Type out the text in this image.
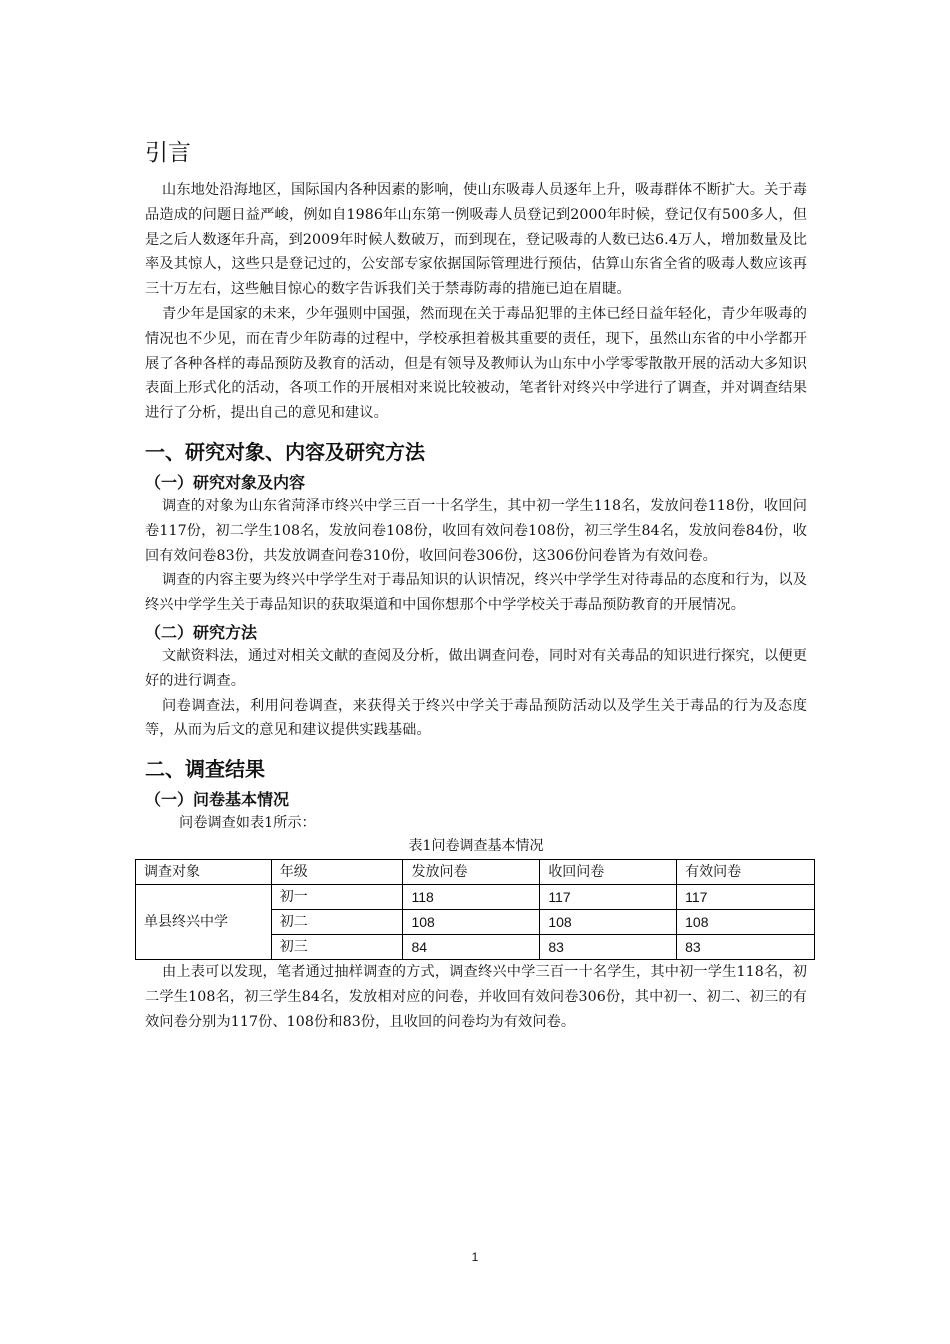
引言

山东地处沿海地区，国际国内各种因素的影响，使山东吸毒人员逐年上升，吸毒群体不断扩大。关于毒品造成的问题日益严峻，例如自1986年山东第一例吸毒人员登记到2000年时候，登记仅有500多人，但是之后人数逐年升高，到2009年时候人数破万，而到现在，登记吸毒的人数已达6.4万人，增加数量及比率及其惊人，这些只是登记过的，公安部专家依据国际管理进行预估，估算山东省全省的吸毒人数应该再三十万左右，这些触目惊心的数字告诉我们关于禁毒防毒的措施已迫在眉睫。

青少年是国家的未来，少年强则中国强，然而现在关于毒品犯罪的主体已经日益年轻化，青少年吸毒的情况也不少见，而在青少年防毒的过程中，学校承担着极其重要的责任，现下，虽然山东省的中小学都开展了各种各样的毒品预防及教育的活动，但是有领导及教师认为山东中小学零零散散开展的活动大多知识表面上形式化的活动，各项工作的开展相对来说比较被动，笔者针对终兴中学进行了调查，并对调查结果进行了分析，提出自己的意见和建议。

一、研究对象、内容及研究方法
（一）研究对象及内容

调查的对象为山东省菏泽市终兴中学三百一十名学生，其中初一学生118名，发放问卷118份，收回问卷117份，初二学生108名，发放问卷108份，收回有效问卷108份，初三学生84名，发放问卷84份，收回有效问卷83份，共发放调查问卷310份，收回问卷306份，这306份问卷皆为有效问卷。

调查的内容主要为终兴中学学生对于毒品知识的认识情况，终兴中学学生对待毒品的态度和行为，以及终兴中学学生关于毒品知识的获取渠道和中国你想那个中学学校关于毒品预防教育的开展情况。

（二）研究方法

文献资料法，通过对相关文献的查阅及分析，做出调查问卷，同时对有关毒品的知识进行探究，以便更好的进行调查。

问卷调查法，利用问卷调查，来获得关于终兴中学关于毒品预防活动以及学生关于毒品的行为及态度等，从而为后文的意见和建议提供实践基础。

二、调查结果
（一）问卷基本情况

问卷调查如表1所示：

表1问卷调查基本情况

调查对象	年级	发放问卷	收回问卷	有效问卷
单县终兴中学	初一	118	117	117
	初二	108	108	108
	初三	84	83	83

由上表可以发现，笔者通过抽样调查的方式，调查终兴中学三百一十名学生，其中初一学生118名，初二学生108名，初三学生84名，发放相对应的问卷，并收回有效问卷306份，其中初一、初二、初三的有效问卷分别为117份、108份和83份，且收回的问卷均为有效问卷。

1
